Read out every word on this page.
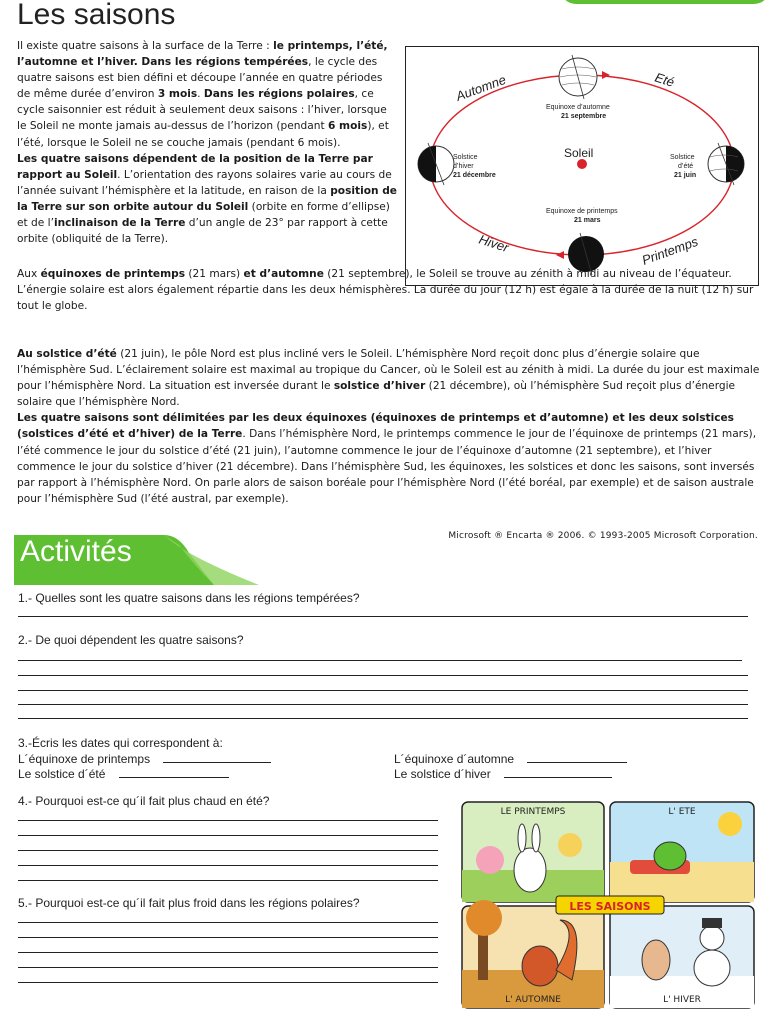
Les saisons
Il existe quatre saisons à la surface de la Terre : le printemps, l’été, l’automne et l’hiver. Dans les régions tempérées, le cycle des quatre saisons est bien défini et découpe l’année en quatre périodes de même durée d’environ 3 mois. Dans les régions polaires, ce cycle saisonnier est réduit à seulement deux saisons : l’hiver, lorsque le Soleil ne monte jamais au-dessus de l’horizon (pendant 6 mois), et l’été, lorsque le Soleil ne se couche jamais (pendant 6 mois).
Les quatre saisons dépendent de la position de la Terre par rapport au Soleil. L’orientation des rayons solaires varie au cours de l’année suivant l’hémisphère et la latitude, en raison de la position de la Terre sur son orbite autour du Soleil (orbite en forme d’ellipse) et de l’inclinaison de la Terre d’un angle de 23° par rapport à cette orbite (obliquité de la Terre).
Automne	Eté
Hiver	Printemps
Soleil
Equinoxe d’automne
21 septembre
Equinoxe de printemps
21 mars
Solstice
d’hiver
21 décembre
Solstice
d’été
21 juin
Aux équinoxes de printemps (21 mars) et d’automne (21 septembre), le Soleil se trouve au zénith à midi au niveau de l’équateur. L’énergie solaire est alors également répartie dans les deux hémisphères. La durée du jour (12 h) est égale à la durée de la nuit (12 h) sur tout le globe.
Au solstice d’été (21 juin), le pôle Nord est plus incliné vers le Soleil. L’hémisphère Nord reçoit donc plus d’énergie solaire que l’hémisphère Sud. L’éclairement solaire est maximal au tropique du Cancer, où le Soleil est au zénith à midi. La durée du jour est maximale pour l’hémisphère Nord. La situation est inversée durant le solstice d’hiver (21 décembre), où l’hémisphère Sud reçoit plus d’énergie solaire que l’hémisphère Nord.
Les quatre saisons sont délimitées par les deux équinoxes (équinoxes de printemps et d’automne) et les deux solstices (solstices d’été et d’hiver) de la Terre. Dans l’hémisphère Nord, le printemps commence le jour de l’équinoxe de printemps (21 mars), l’été commence le jour du solstice d’été (21 juin), l’automne commence le jour de l’équinoxe d’automne (21 septembre), et l’hiver commence le jour du solstice d’hiver (21 décembre). Dans l’hémisphère Sud, les équinoxes, les solstices et donc les saisons, sont inversés par rapport à l’hémisphère Nord. On parle alors de saison boréale pour l’hémisphère Nord (l’été boréal, par exemple) et de saison australe pour l’hémisphère Sud (l’été austral, par exemple).
Microsoft ® Encarta ® 2006. © 1993-2005 Microsoft Corporation.
Activités
1.- Quelles sont les quatre saisons dans les régions tempérées?
2.- De quoi dépendent les quatre saisons?
3.-Écris les dates qui correspondent à:
L´équinoxe de printemps
Le solstice d´été
L´équinoxe d´automne
Le solstice d´hiver
4.- Pourquoi est-ce qu´il fait plus chaud en été?
5.- Pourquoi est-ce qu´il fait plus froid dans les régions polaires?
LE PRINTEMPS	L' ETE
L' AUTOMNE	L' HIVER
LES SAISONS
